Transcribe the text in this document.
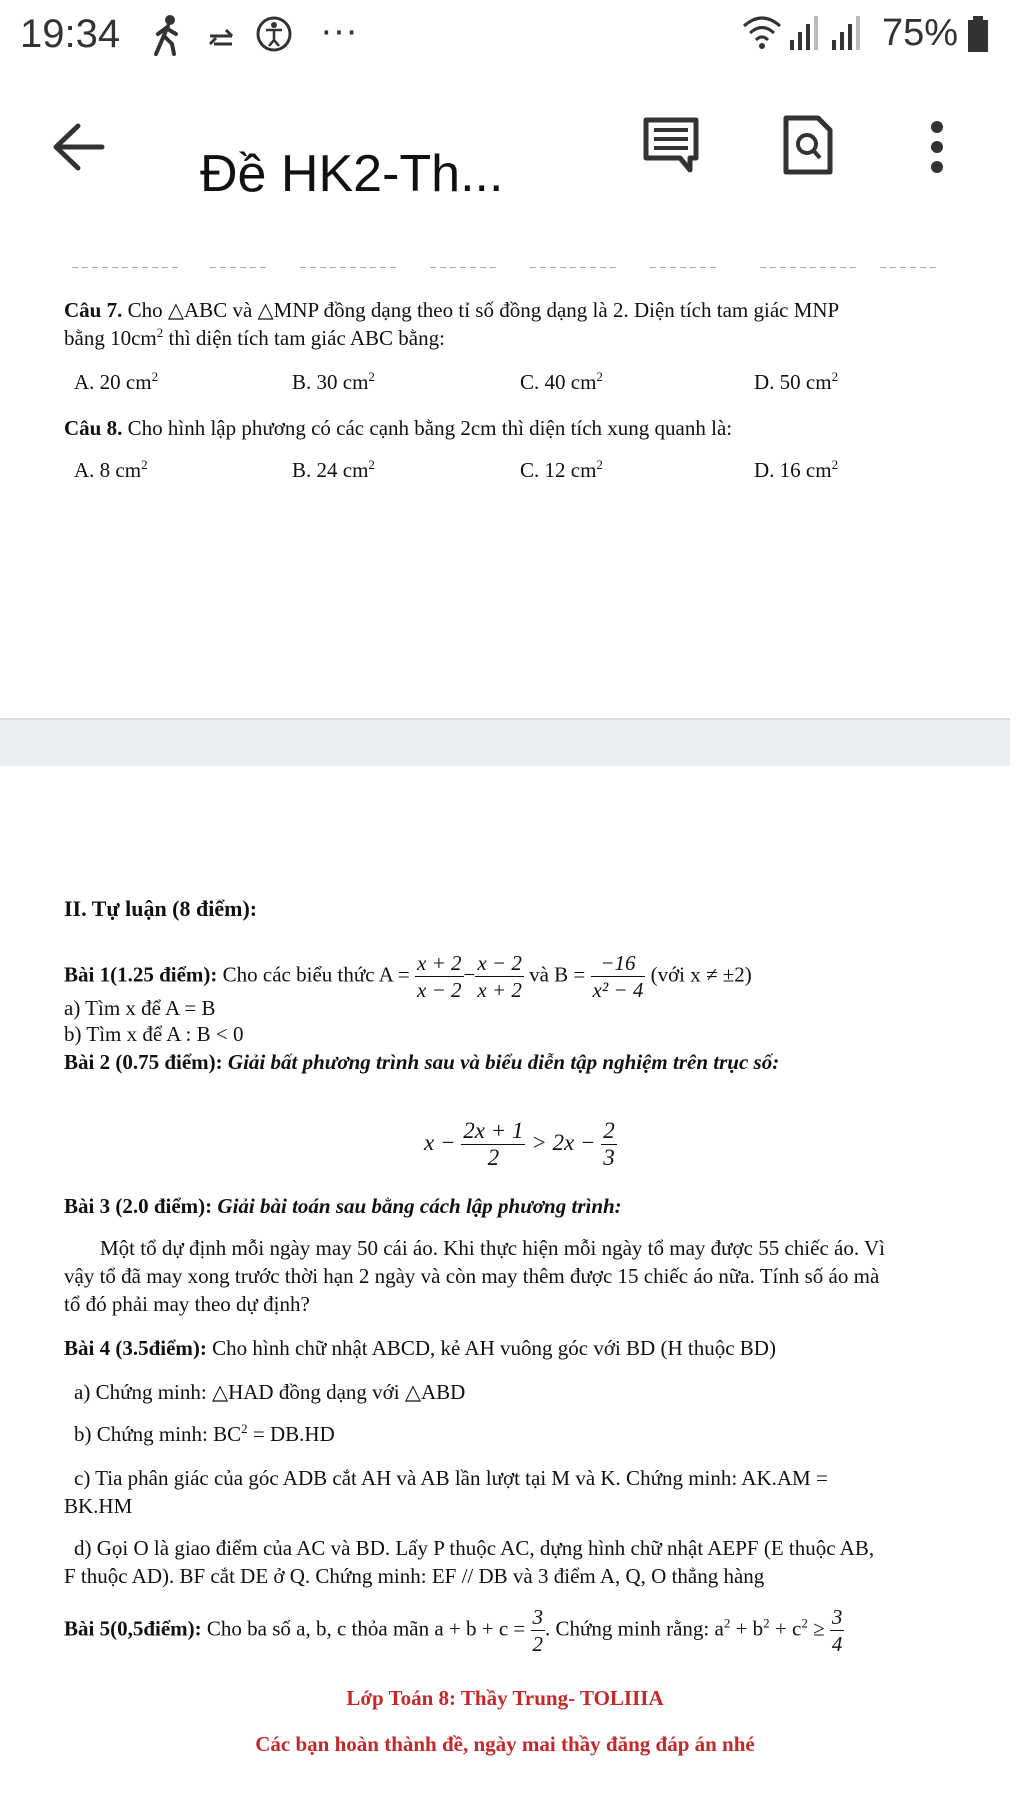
19:34	···	75%
Đề HK2-Th...
Câu 7. Cho △ABC và △MNP đồng dạng theo tỉ số đồng dạng là 2. Diện tích tam giác MNP
bằng $10cm^2$ thì diện tích tam giác ABC bằng:
A. 20 $cm^2$	B. 30 $cm^2$	C. 40 $cm^2$	D. 50 $cm^2$
Câu 8. Cho hình lập phương có các cạnh bằng 2cm thì diện tích xung quanh là:
A. 8 $cm^2$	B. 24 $cm^2$	C. 12 $cm^2$	D. 16 $cm^2$
II. Tự luận (8 điểm):
Bài 1(1.25 điểm): Cho các biểu thức $A = \frac{x + 2}{x - 2} - \frac{x - 2}{x + 2}$ và $B = \frac{-16}{\text{x² − 4}}$ (với x ≠ ±2)
a) Tìm x để A = B
b) Tìm x để A : B < 0
Bài 2 (0.75 điểm): Giải bất phương trình sau và biểu diễn tập nghiệm trên trục số:
$x - \frac{2x + 1}{2} > 2x - \frac{2}{3}$
Bài 3 (2.0 điểm): Giải bài toán sau bằng cách lập phương trình:
Một tổ dự định mỗi ngày may 50 cái áo. Khi thực hiện mỗi ngày tổ may được 55 chiếc áo. Vì
vậy tổ đã may xong trước thời hạn 2 ngày và còn may thêm được 15 chiếc áo nữa. Tính số áo mà
tổ đó phải may theo dự định?
Bài 4 (3.5điểm): Cho hình chữ nhật ABCD, kẻ AH vuông góc với BD (H thuộc BD)
a) Chứng minh: △HAD đồng dạng với △ABD
b) Chứng minh: $BC^2 = DB.HD$
c) Tia phân giác của góc ADB cắt AH và AB lần lượt tại M và K. Chứng minh: AK.AM =
BK.HM
d) Gọi O là giao điểm của AC và BD. Lấy P thuộc AC, dựng hình chữ nhật AEPF (E thuộc AB,
F thuộc AD). BF cắt DE ở Q. Chứng minh: EF // DB và 3 điểm A, Q, O thẳng hàng
Bài 5(0,5điểm): Cho ba số a, b, c thỏa mãn $a + b + c = \frac{3}{2}$ . Chứng minh rằng: $a^2 + b^2 + c^2 \ge \frac{3}{4}$
Lớp Toán 8: Thầy Trung- TOLIIIA
Các bạn hoàn thành đề, ngày mai thầy đăng đáp án nhé
